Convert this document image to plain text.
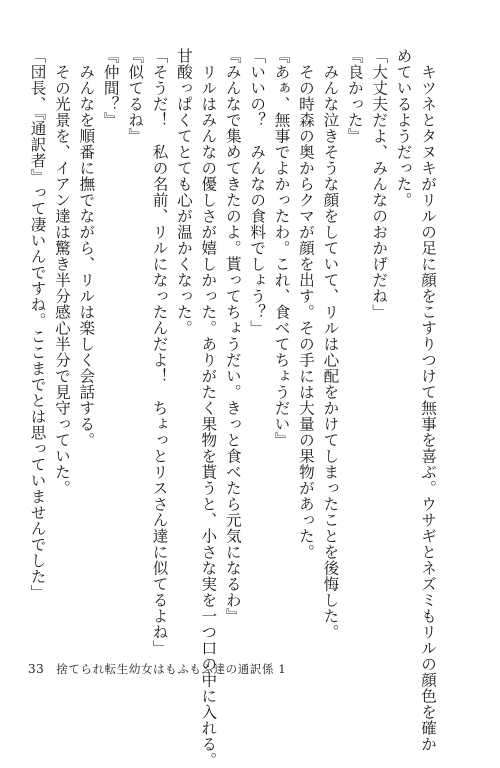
キツネとタヌキがリルの足に顔をこすりつけて無事を喜ぶ。ウサギとネズミもリルの顔色を確か
めているようだった。
「大丈夫だよ、みんなのおかげだね」
『良かった』
みんな泣きそうな顔をしていて、リルは心配をかけてしまったことを後悔した。
その時森の奥からクマが顔を出す。その手には大量の果物があった。
『あぁ、無事でよかったわ。これ、食べてちょうだい』
「いいの？　みんなの食料でしょう？」
『みんなで集めてきたのよ。貰ってちょうだい。きっと食べたら元気になるわ』
リルはみんなの優しさが嬉しかった。ありがたく果物を貰うと、小さな実を一つ口の中に入れる。
甘酸っぱくてとても心が温かくなった。
「そうだ！　私の名前、リルになったんだよ！　ちょっとリスさん達に似てるよね」
『似てるね』
『仲間？』
みんなを順番に撫でながら、リルは楽しく会話する。
その光景を、イアン達は驚き半分感心半分で見守っていた。
「団長、『通訳者』って凄いんですね。ここまでとは思っていませんでした」
33 捨てられ転生幼女はもふもふ達の通訳係 1
